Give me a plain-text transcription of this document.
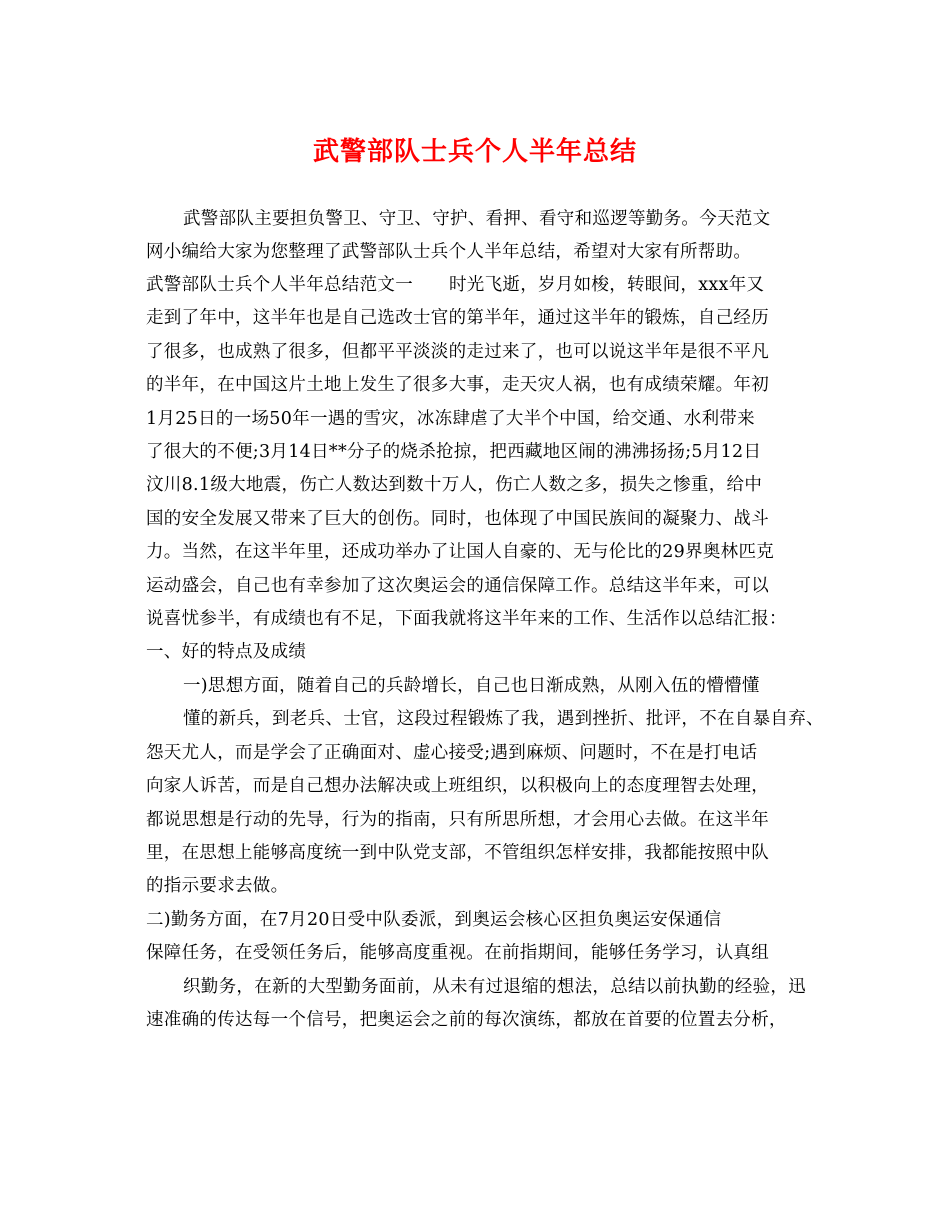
武警部队士兵个人半年总结
武警部队主要担负警卫、守卫、守护、看押、看守和巡逻等勤务。今天范文
网小编给大家为您整理了武警部队士兵个人半年总结，希望对大家有所帮助。
武警部队士兵个人半年总结范文一 时光飞逝，岁月如梭，转眼间，xxx年又
走到了年中，这半年也是自己选改士官的第半年，通过这半年的锻炼，自己经历
了很多，也成熟了很多，但都平平淡淡的走过来了，也可以说这半年是很不平凡
的半年，在中国这片土地上发生了很多大事，走天灾人祸，也有成绩荣耀。年初
1月25日的一场50年一遇的雪灾，冰冻肆虐了大半个中国，给交通、水利带来
了很大的不便;3月14日**分子的烧杀抢掠，把西藏地区闹的沸沸扬扬;5月12日
汶川8.1级大地震，伤亡人数达到数十万人，伤亡人数之多，损失之惨重，给中
国的安全发展又带来了巨大的创伤。同时，也体现了中国民族间的凝聚力、战斗
力。当然，在这半年里，还成功举办了让国人自豪的、无与伦比的29界奥林匹克
运动盛会，自己也有幸参加了这次奥运会的通信保障工作。总结这半年来，可以
说喜忧参半，有成绩也有不足，下面我就将这半年来的工作、生活作以总结汇报：
一、好的特点及成绩
一)思想方面，随着自己的兵龄增长，自己也日渐成熟，从刚入伍的懵懵懂
懂的新兵，到老兵、士官，这段过程锻炼了我，遇到挫折、批评，不在自暴自弃、
怨天尤人，而是学会了正确面对、虚心接受;遇到麻烦、问题时，不在是打电话
向家人诉苦，而是自己想办法解决或上班组织，以积极向上的态度理智去处理，
都说思想是行动的先导，行为的指南，只有所思所想，才会用心去做。在这半年
里，在思想上能够高度统一到中队党支部，不管组织怎样安排，我都能按照中队
的指示要求去做。
二)勤务方面，在7月20日受中队委派，到奥运会核心区担负奥运安保通信
保障任务，在受领任务后，能够高度重视。在前指期间，能够任务学习，认真组
织勤务，在新的大型勤务面前，从未有过退缩的想法，总结以前执勤的经验，迅
速准确的传达每一个信号，把奥运会之前的每次演练，都放在首要的位置去分析，
